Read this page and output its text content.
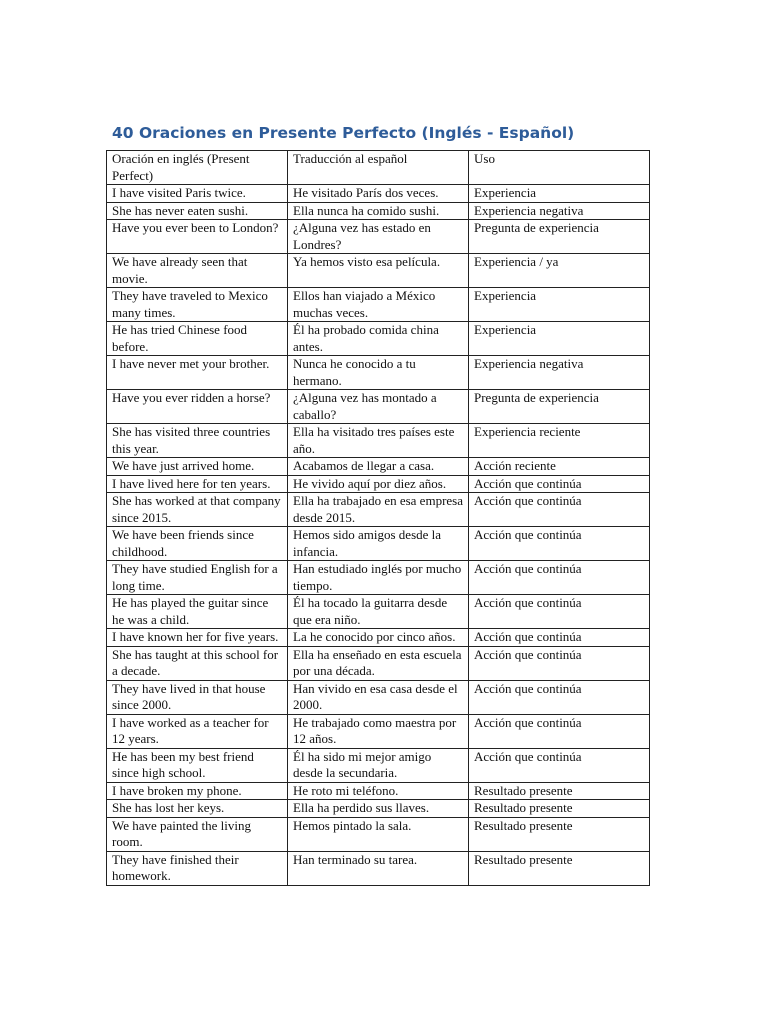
40 Oraciones en Presente Perfecto (Inglés - Español)
Oración en inglés (Present Perfect)	Traducción al español	Uso
I have visited Paris twice.	He visitado París dos veces.	Experiencia
She has never eaten sushi.	Ella nunca ha comido sushi.	Experiencia negativa
Have you ever been to London?	¿Alguna vez has estado en Londres?	Pregunta de experiencia
We have already seen that movie.	Ya hemos visto esa película.	Experiencia / ya
They have traveled to Mexico many times.	Ellos han viajado a México muchas veces.	Experiencia
He has tried Chinese food before.	Él ha probado comida china antes.	Experiencia
I have never met your brother.	Nunca he conocido a tu hermano.	Experiencia negativa
Have you ever ridden a horse?	¿Alguna vez has montado a caballo?	Pregunta de experiencia
She has visited three countries this year.	Ella ha visitado tres países este año.	Experiencia reciente
We have just arrived home.	Acabamos de llegar a casa.	Acción reciente
I have lived here for ten years.	He vivido aquí por diez años.	Acción que continúa
She has worked at that company since 2015.	Ella ha trabajado en esa empresa desde 2015.	Acción que continúa
We have been friends since childhood.	Hemos sido amigos desde la infancia.	Acción que continúa
They have studied English for a long time.	Han estudiado inglés por mucho tiempo.	Acción que continúa
He has played the guitar since he was a child.	Él ha tocado la guitarra desde que era niño.	Acción que continúa
I have known her for five years.	La he conocido por cinco años.	Acción que continúa
She has taught at this school for a decade.	Ella ha enseñado en esta escuela por una década.	Acción que continúa
They have lived in that house since 2000.	Han vivido en esa casa desde el 2000.	Acción que continúa
I have worked as a teacher for 12 years.	He trabajado como maestra por 12 años.	Acción que continúa
He has been my best friend since high school.	Él ha sido mi mejor amigo desde la secundaria.	Acción que continúa
I have broken my phone.	He roto mi teléfono.	Resultado presente
She has lost her keys.	Ella ha perdido sus llaves.	Resultado presente
We have painted the living room.	Hemos pintado la sala.	Resultado presente
They have finished their homework.	Han terminado su tarea.	Resultado presente
